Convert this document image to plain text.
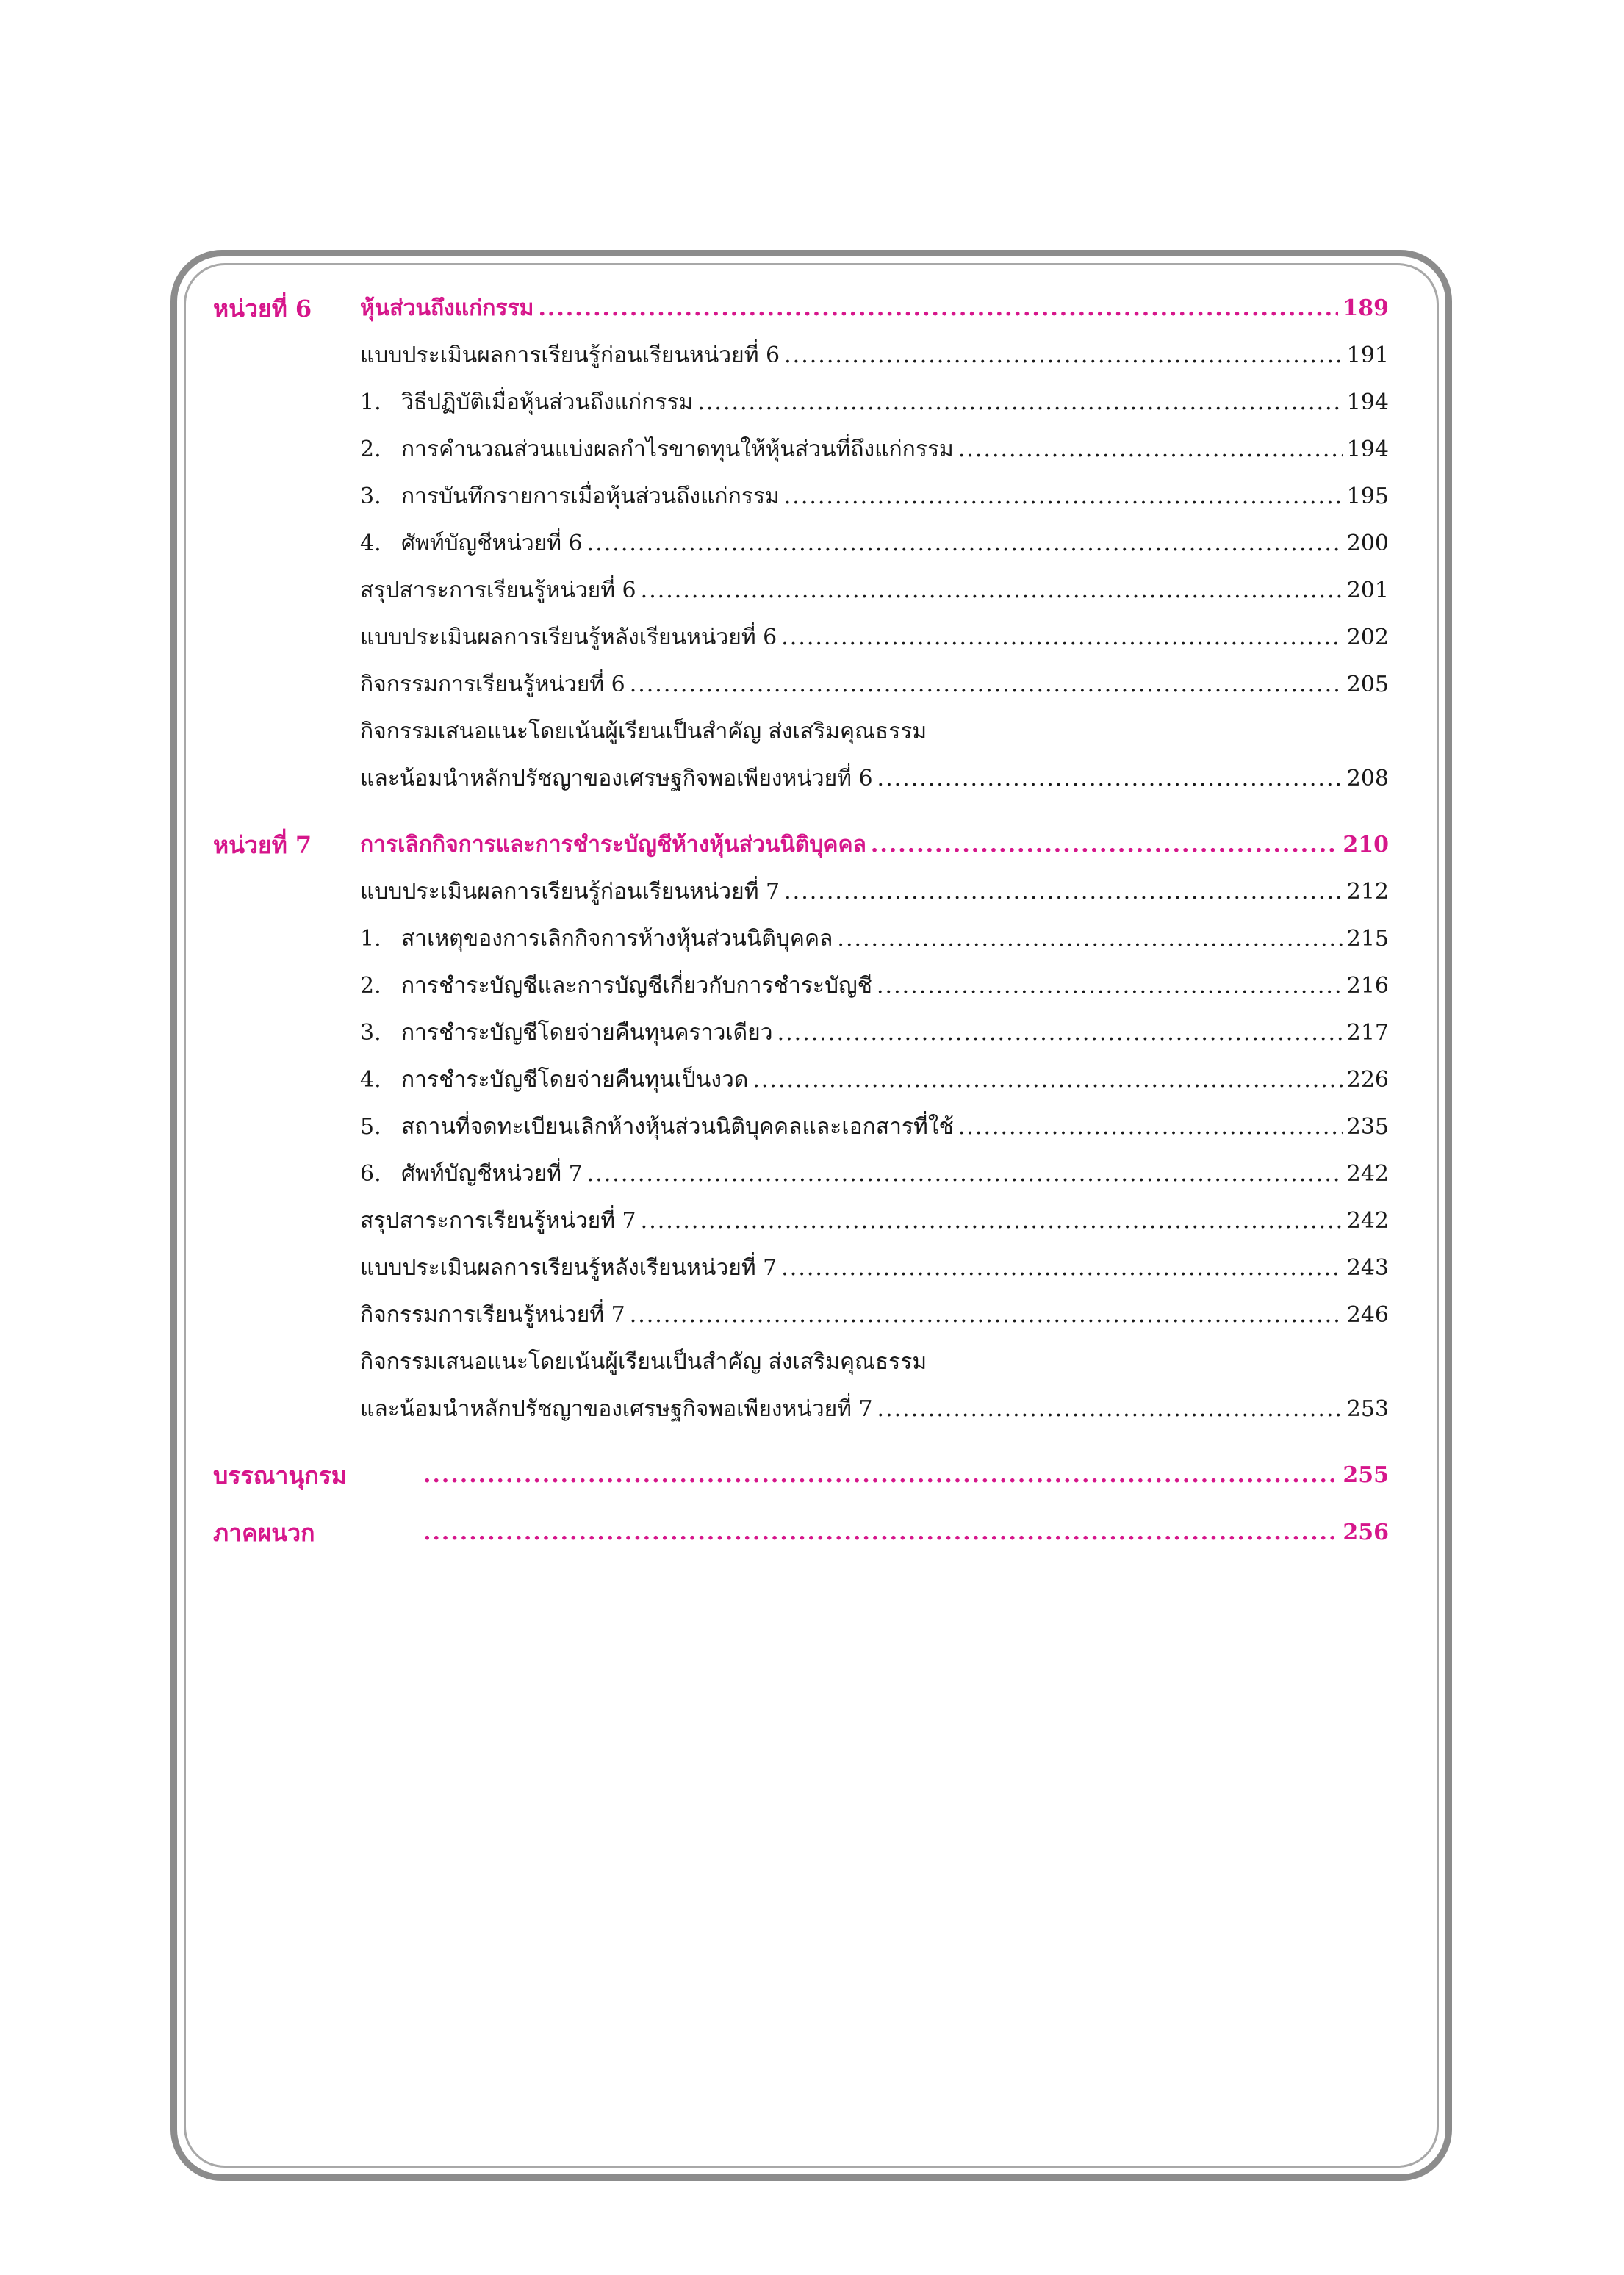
หน่วยที่ 6 หุ้นส่วนถึงแก่กรรม .....	189
แบบประเมินผลการเรียนรู้ก่อนเรียนหน่วยที่ 6 .....	191
1. วิธีปฏิบัติเมื่อหุ้นส่วนถึงแก่กรรม .....	194
2. การคำนวณส่วนแบ่งผลกำไรขาดทุนให้หุ้นส่วนที่ถึงแก่กรรม .....	194
3. การบันทึกรายการเมื่อหุ้นส่วนถึงแก่กรรม .....	195
4. ศัพท์บัญชีหน่วยที่ 6 .....	200
สรุปสาระการเรียนรู้หน่วยที่ 6 .....	201
แบบประเมินผลการเรียนรู้หลังเรียนหน่วยที่ 6 .....	202
กิจกรรมการเรียนรู้หน่วยที่ 6 .....	205
กิจกรรมเสนอแนะโดยเน้นผู้เรียนเป็นสำคัญ ส่งเสริมคุณธรรม
และน้อมนำหลักปรัชญาของเศรษฐกิจพอเพียงหน่วยที่ 6 .....	208
หน่วยที่ 7 การเลิกกิจการและการชำระบัญชีห้างหุ้นส่วนนิติบุคคล .....	210
แบบประเมินผลการเรียนรู้ก่อนเรียนหน่วยที่ 7 .....	212
1. สาเหตุของการเลิกกิจการห้างหุ้นส่วนนิติบุคคล .....	215
2. การชำระบัญชีและการบัญชีเกี่ยวกับการชำระบัญชี .....	216
3. การชำระบัญชีโดยจ่ายคืนทุนคราวเดียว .....	217
4. การชำระบัญชีโดยจ่ายคืนทุนเป็นงวด .....	226
5. สถานที่จดทะเบียนเลิกห้างหุ้นส่วนนิติบุคคลและเอกสารที่ใช้ .....	235
6. ศัพท์บัญชีหน่วยที่ 7 .....	242
สรุปสาระการเรียนรู้หน่วยที่ 7 .....	242
แบบประเมินผลการเรียนรู้หลังเรียนหน่วยที่ 7 .....	243
กิจกรรมการเรียนรู้หน่วยที่ 7 .....	246
กิจกรรมเสนอแนะโดยเน้นผู้เรียนเป็นสำคัญ ส่งเสริมคุณธรรม
และน้อมนำหลักปรัชญาของเศรษฐกิจพอเพียงหน่วยที่ 7 .....	253
บรรณานุกรม .....	255
ภาคผนวก .....	256
